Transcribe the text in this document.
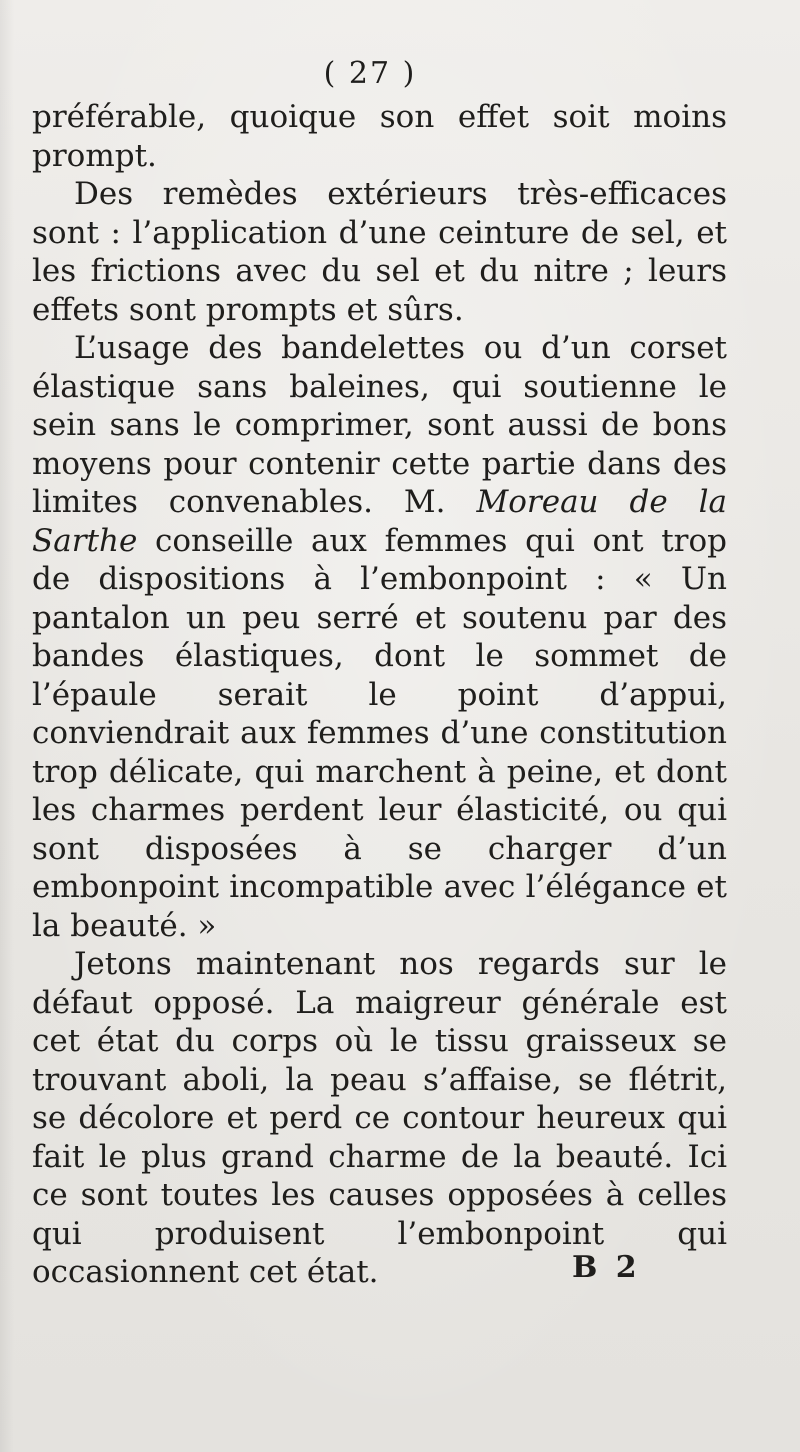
( 27 )

préférable, quoique son effet soit moins prompt.

Des remèdes extérieurs très-efficaces sont : l’application d’une ceinture de sel, et les frictions avec du sel et du nitre ; leurs effets sont prompts et sûrs.

L’usage des bandelettes ou d’un corset élastique sans baleines, qui soutienne le sein sans le comprimer, sont aussi de bons moyens pour contenir cette partie dans des limites convenables. M. Moreau de la Sarthe conseille aux femmes qui ont trop de dispositions à l’embonpoint : « Un pantalon un peu serré et soutenu par des bandes élastiques, dont le sommet de l’épaule serait le point d’appui, conviendrait aux femmes d’une constitution trop délicate, qui marchent à peine, et dont les charmes perdent leur élasticité, ou qui sont disposées à se charger d’un embonpoint incompatible avec l’élégance et la beauté. »

Jetons maintenant nos regards sur le défaut opposé. La maigreur générale est cet état du corps où le tissu graisseux se trouvant aboli, la peau s’affaise, se flétrit, se décolore et perd ce contour heureux qui fait le plus grand charme de la beauté. Ici ce sont toutes les causes opposées à celles qui produisent l’embonpoint qui occasionnent cet état.	B 2
